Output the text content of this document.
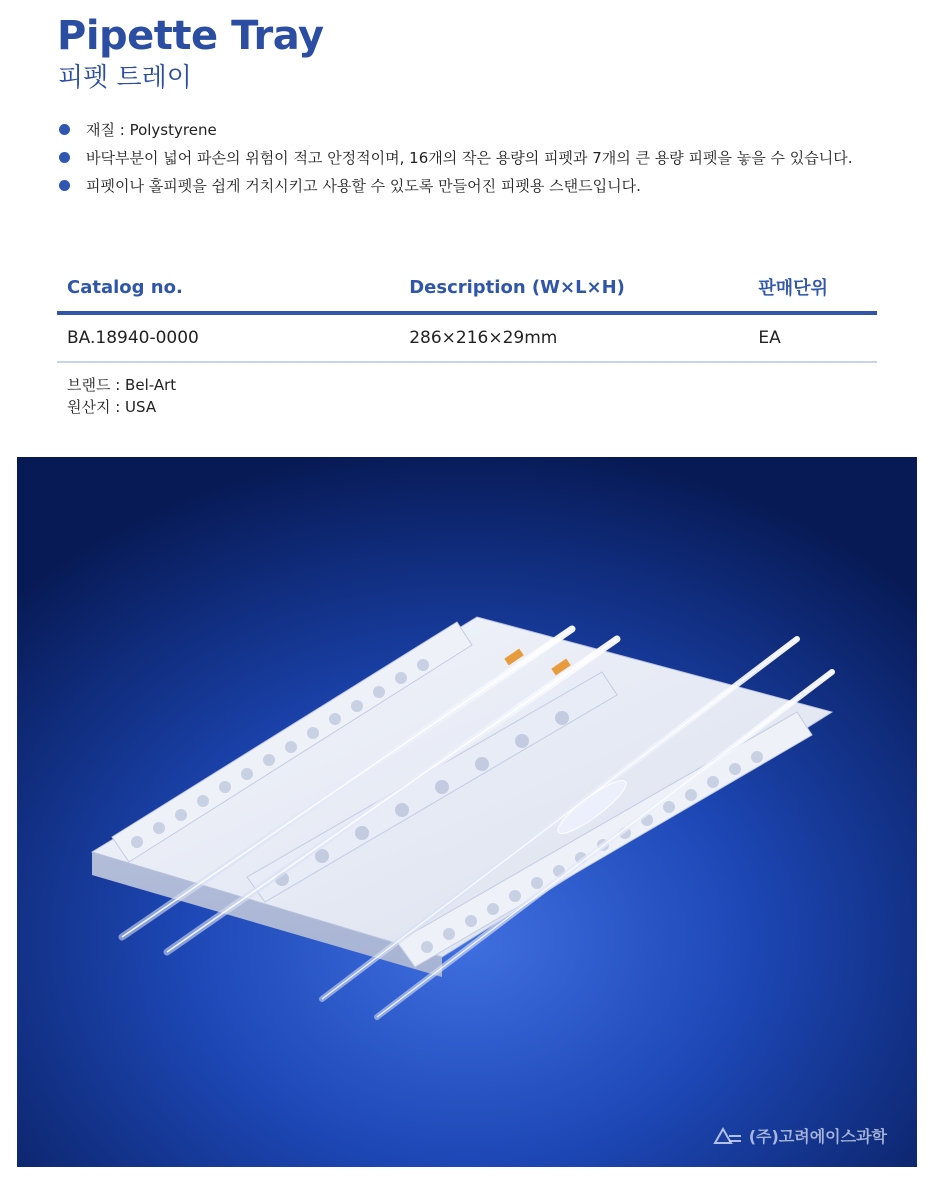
Pipette Tray
피펫 트레이
재질 : Polystyrene
바닥부분이 넓어 파손의 위험이 적고 안정적이며, 16개의 작은 용량의 피펫과 7개의 큰 용량 피펫을 놓을 수 있습니다.
피펫이나 홀피펫을 쉽게 거치시키고 사용할 수 있도록 만들어진 피펫용 스탠드입니다.
Catalog no.	Description (W×L×H)	판매단위
BA.18940-0000	286×216×29mm	EA
브랜드 : Bel-Art
원산지 : USA
(주)고려에이스과학
